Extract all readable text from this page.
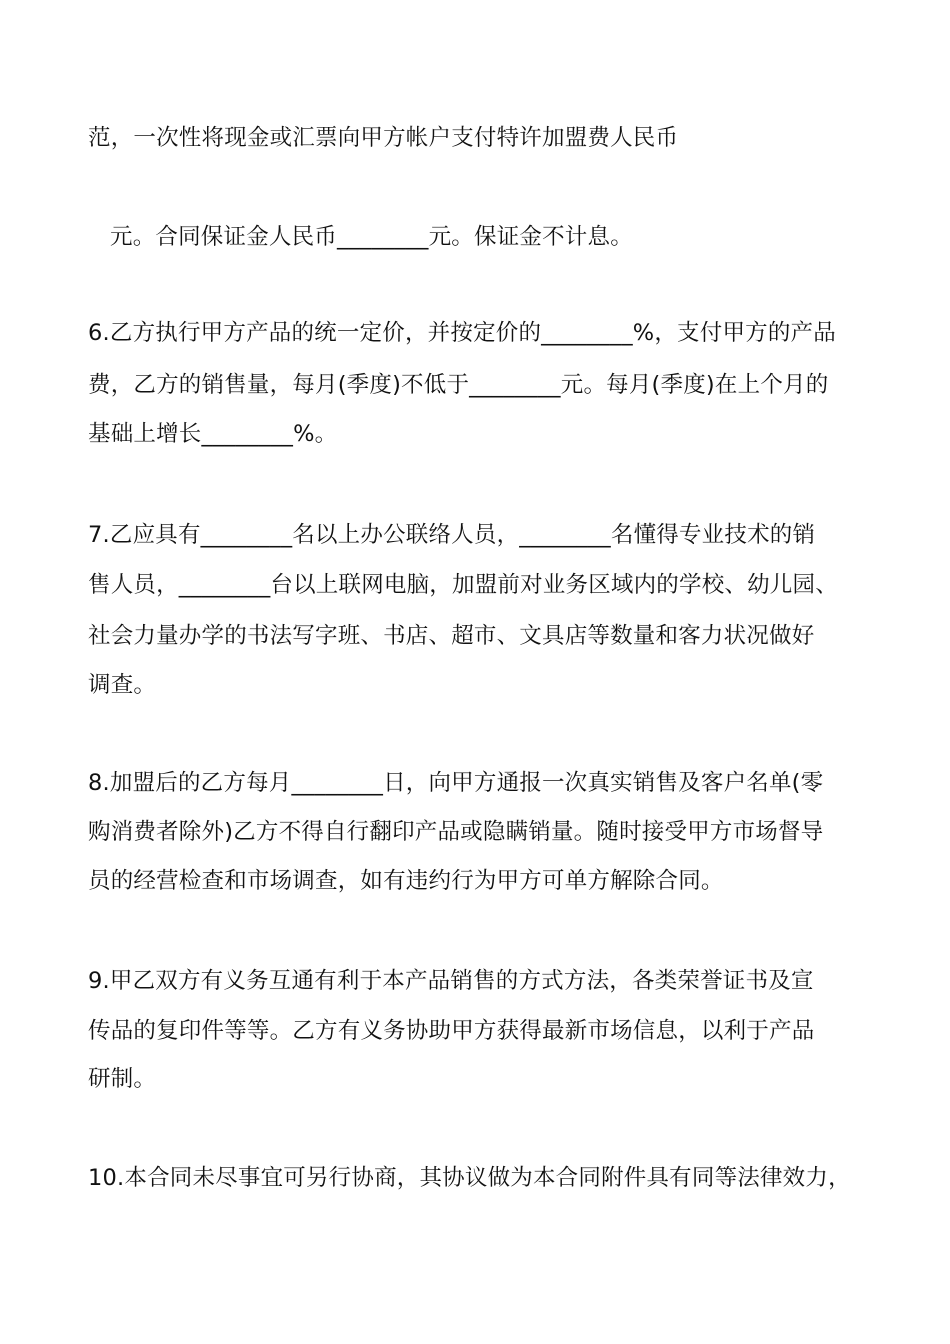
范，一次性将现金或汇票向甲方帐户支付特许加盟费人民币
元。合同保证金人民币________元。保证金不计息。
6.乙方执行甲方产品的统一定价，并按定价的________%，支付甲方的产品
费，乙方的销售量，每月(季度)不低于________元。每月(季度)在上个月的
基础上增长________%。
7.乙应具有________名以上办公联络人员，________名懂得专业技术的销
售人员，________台以上联网电脑，加盟前对业务区域内的学校、幼儿园、
社会力量办学的书法写字班、书店、超市、文具店等数量和客力状况做好
调查。
8.加盟后的乙方每月________日，向甲方通报一次真实销售及客户名单(零
购消费者除外)乙方不得自行翻印产品或隐瞒销量。随时接受甲方市场督导
员的经营检查和市场调查，如有违约行为甲方可单方解除合同。
9.甲乙双方有义务互通有利于本产品销售的方式方法，各类荣誉证书及宣
传品的复印件等等。乙方有义务协助甲方获得最新市场信息，以利于产品
研制。
10.本合同未尽事宜可另行协商，其协议做为本合同附件具有同等法律效力，
